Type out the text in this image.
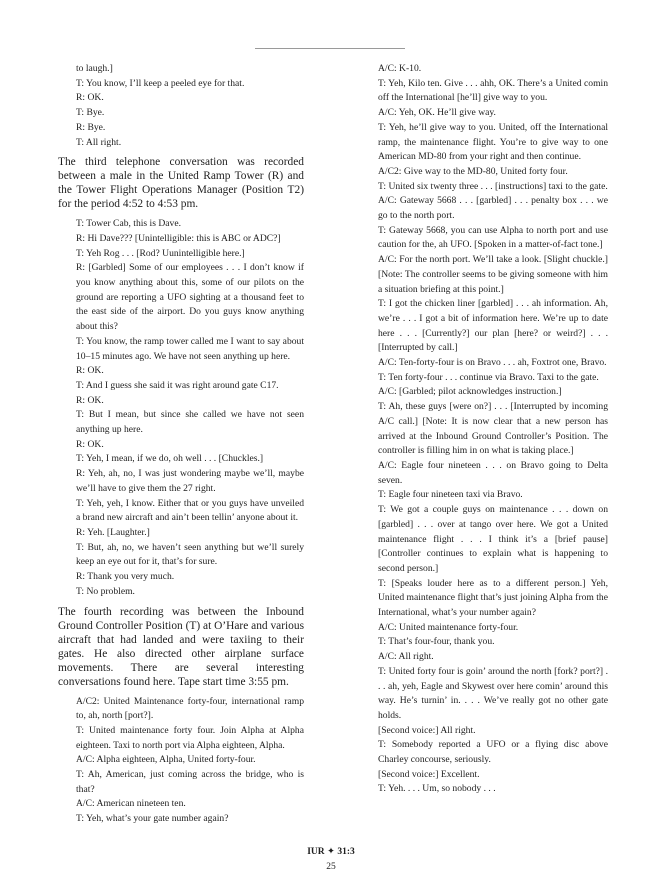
to laugh.]

T: You know, I’ll keep a peeled eye for that.

R: OK.

T: Bye.

R: Bye.

T: All right.

The third telephone conversation was recorded between a male in the United Ramp Tower (R) and the Tower Flight Operations Manager (Position T2) for the period 4:52 to 4:53 pm.

T: Tower Cab, this is Dave.

R: Hi Dave??? [Unintelligible: this is ABC or ADC?]

T: Yeh Rog . . . [Rod? Uunintelligible here.]

R: [Garbled] Some of our employees . . . I don’t know if you know anything about this, some of our pilots on the ground are reporting a UFO sighting at a thousand feet to the east side of the airport. Do you guys know anything about this?

T: You know, the ramp tower called me I want to say about 10–15 minutes ago. We have not seen anything up here.

R: OK.

T: And I guess she said it was right around gate C17.

R: OK.

T: But I mean, but since she called we have not seen anything up here.

R: OK.

T: Yeh, I mean, if we do, oh well . . . [Chuckles.]

R: Yeh, ah, no, I was just wondering maybe we’ll, maybe we’ll have to give them the 27 right.

T: Yeh, yeh, I know. Either that or you guys have unveiled a brand new aircraft and ain’t been tellin’ anyone about it.

R: Yeh. [Laughter.]

T: But, ah, no, we haven’t seen anything but we’ll surely keep an eye out for it, that’s for sure.

R: Thank you very much.

T: No problem.

The fourth recording was between the Inbound Ground Controller Position (T) at O’Hare and various aircraft that had landed and were taxiing to their gates. He also directed other airplane surface movements. There are several interesting conversations found here. Tape start time 3:55 pm.

A/C2: United Maintenance forty-four, international ramp to, ah, north [port?].

T: United maintenance forty four. Join Alpha at Alpha eighteen. Taxi to north port via Alpha eighteen, Alpha.

A/C: Alpha eighteen, Alpha, United forty-four.

T: Ah, American, just coming across the bridge, who is that?

A/C: American nineteen ten.

T: Yeh, what’s your gate number again?

A/C: K-10.

T: Yeh, Kilo ten. Give . . . ahh, OK. There’s a United comin off the International [he’ll] give way to you.

A/C: Yeh, OK. He’ll give way.

T: Yeh, he’ll give way to you. United, off the International ramp, the maintenance flight. You’re to give way to one American MD-80 from your right and then continue.

A/C2: Give way to the MD-80, United forty four.

T: United six twenty three . . . [instructions] taxi to the gate.

A/C: Gateway 5668 . . . [garbled] . . . penalty box . . . we go to the north port.

T: Gateway 5668, you can use Alpha to north port and use caution for the, ah UFO. [Spoken in a matter-of-fact tone.]

A/C: For the north port. We’ll take a look. [Slight chuckle.] [Note: The controller seems to be giving someone with him a situation briefing at this point.]

T: I got the chicken liner [garbled] . . . ah information. Ah, we’re . . . I got a bit of information here. We’re up to date here . . . [Currently?] our plan [here? or weird?] . . . [Interrupted by call.]

A/C: Ten-forty-four is on Bravo . . . ah, Foxtrot one, Bravo.

T: Ten forty-four . . . continue via Bravo. Taxi to the gate.

A/C: [Garbled; pilot acknowledges instruction.]

T: Ah, these guys [were on?] . . . [Interrupted by incoming A/C call.] [Note: It is now clear that a new person has arrived at the Inbound Ground Controller’s Position. The controller is filling him in on what is taking place.]

A/C: Eagle four nineteen . . . on Bravo going to Delta seven.

T: Eagle four nineteen taxi via Bravo.

T: We got a couple guys on maintenance . . . down on [garbled] . . . over at tango over here. We got a United maintenance flight . . . I think it’s a [brief pause] [Controller continues to explain what is happening to second person.]

T: [Speaks louder here as to a different person.] Yeh, United maintenance flight that’s just joining Alpha from the International, what’s your number again?

A/C: United maintenance forty-four.

T: That’s four-four, thank you.

A/C: All right.

T: United forty four is goin’ around the north [fork? port?] . . . ah, yeh, Eagle and Skywest over here comin’ around this way. He’s turnin’ in. . . . We’ve really got no other gate holds.

[Second voice:] All right.

T: Somebody reported a UFO or a flying disc above Charley concourse, seriously.

[Second voice:] Excellent.

T: Yeh. . . . Um, so nobody . . .

IUR ✦ 31:3
25
